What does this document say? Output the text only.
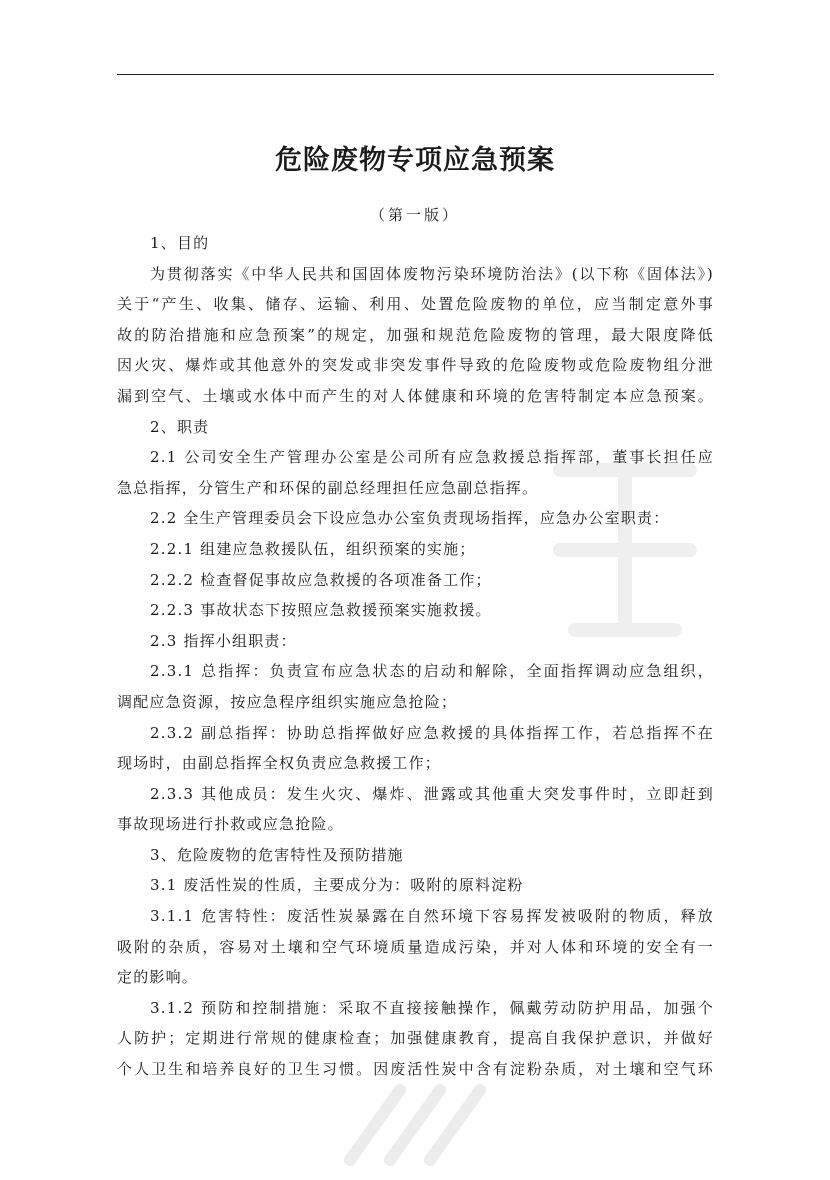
危险废物专项应急预案
（第一版）
1、目的
为贯彻落实《中华人民共和国固体废物污染环境防治法》(以下称《固体法》)
关于“产生、收集、储存、运输、利用、处置危险废物的单位，应当制定意外事
故的防治措施和应急预案”的规定，加强和规范危险废物的管理，最大限度降低
因火灾、爆炸或其他意外的突发或非突发事件导致的危险废物或危险废物组分泄
漏到空气、土壤或水体中而产生的对人体健康和环境的危害特制定本应急预案。
2、职责
2.1 公司安全生产管理办公室是公司所有应急救援总指挥部，董事长担任应
急总指挥，分管生产和环保的副总经理担任应急副总指挥。
2.2 全生产管理委员会下设应急办公室负责现场指挥，应急办公室职责：
2.2.1 组建应急救援队伍，组织预案的实施；
2.2.2 检查督促事故应急救援的各项准备工作；
2.2.3 事故状态下按照应急救援预案实施救援。
2.3 指挥小组职责：
2.3.1 总指挥：负责宣布应急状态的启动和解除，全面指挥调动应急组织，
调配应急资源，按应急程序组织实施应急抢险；
2.3.2 副总指挥：协助总指挥做好应急救援的具体指挥工作，若总指挥不在
现场时，由副总指挥全权负责应急救援工作；
2.3.3 其他成员：发生火灾、爆炸、泄露或其他重大突发事件时，立即赶到
事故现场进行扑救或应急抢险。
3、危险废物的危害特性及预防措施
3.1 废活性炭的性质，主要成分为：吸附的原料淀粉
3.1.1 危害特性：废活性炭暴露在自然环境下容易挥发被吸附的物质，释放
吸附的杂质，容易对土壤和空气环境质量造成污染，并对人体和环境的安全有一
定的影响。
3.1.2 预防和控制措施：采取不直接接触操作，佩戴劳动防护用品，加强个
人防护；定期进行常规的健康检查；加强健康教育，提高自我保护意识，并做好
个人卫生和培养良好的卫生习惯。因废活性炭中含有淀粉杂质，对土壤和空气环
